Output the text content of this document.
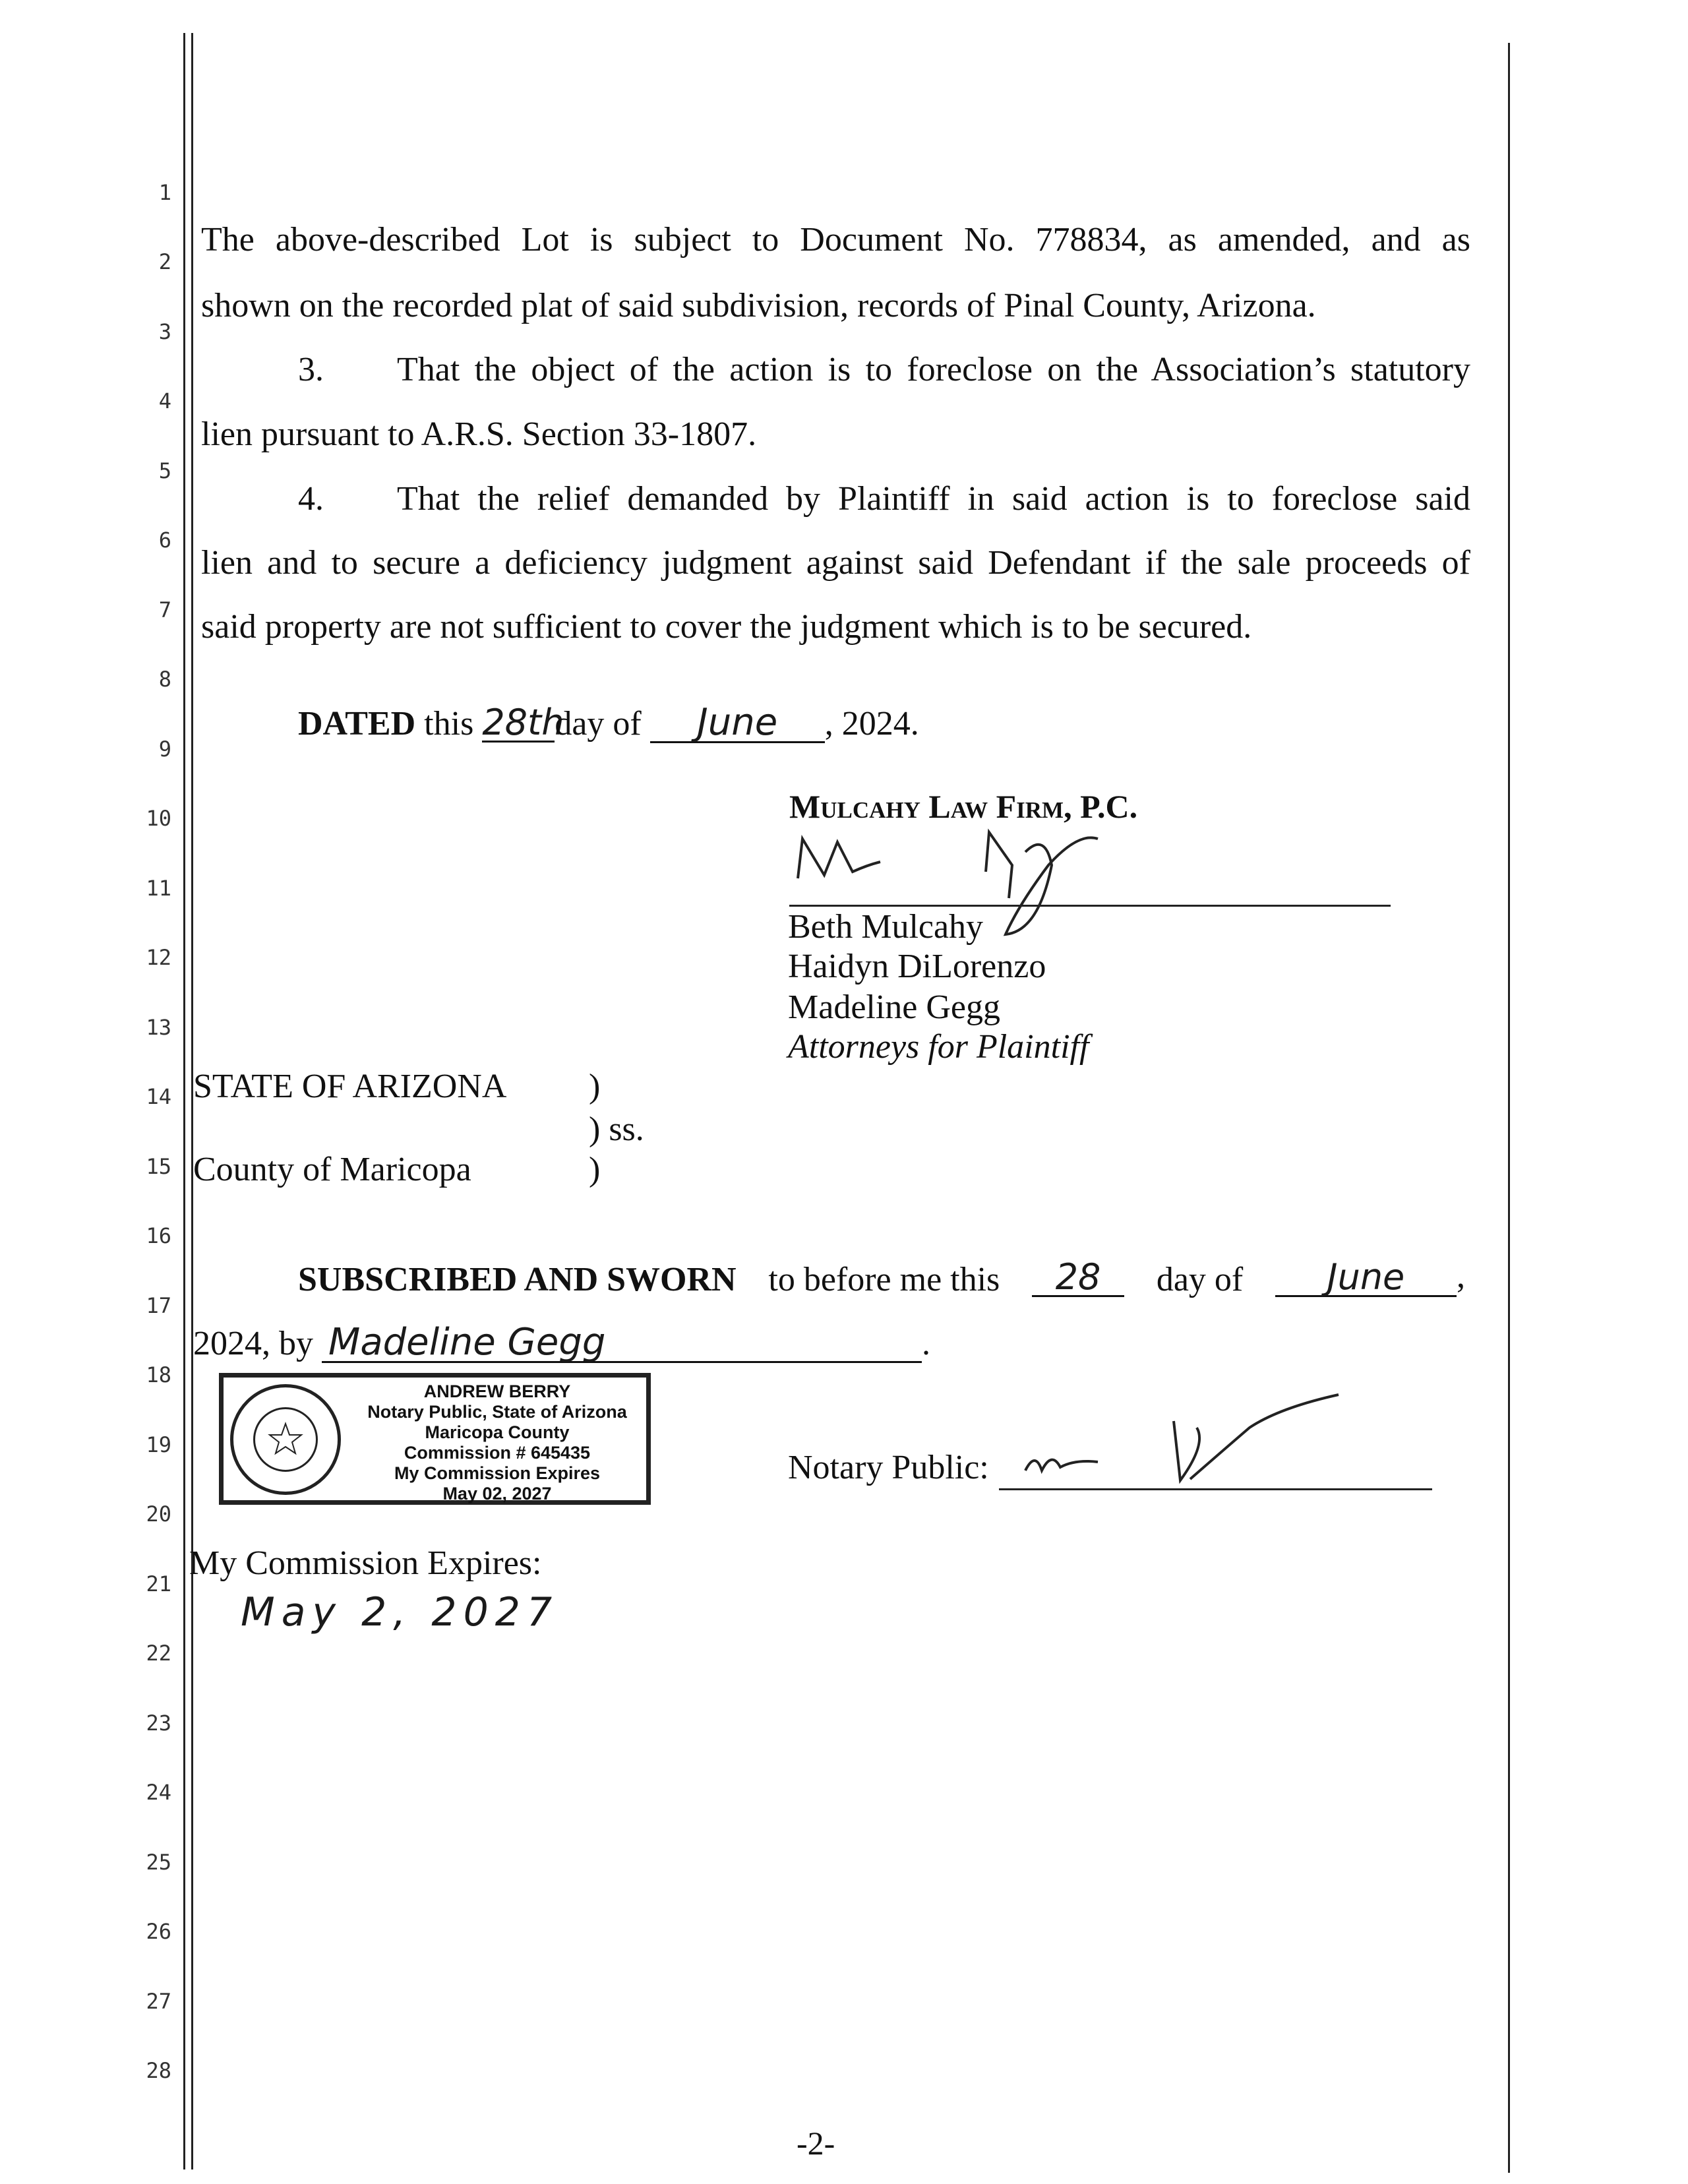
1
2
3
4
5
6
7
8
9
10
11
12
13
14
15
16
17
18
19
20
21
22
23
24
25
26
27
28
The above-described Lot is subject to Document No. 778834, as amended, and as
shown on the recorded plat of said subdivision, records of Pinal County, Arizona.
3. That the object of the action is to foreclose on the Association’s statutory
lien pursuant to A.R.S. Section 33-1807.
4. That the relief demanded by Plaintiff in said action is to foreclose said
lien and to secure a deficiency judgment against said Defendant if the sale proceeds of
said property are not sufficient to cover the judgment which is to be secured.
DATED this 28thday of June , 2024.
Mulcahy Law Firm, P.C.
Beth Mulcahy
Haidyn DiLorenzo
Madeline Gegg
Attorneys for Plaintiff
STATE OF ARIZONA )
) ss.
County of Maricopa	)
SUBSCRIBED AND SWORN to before me this	28	day of	June	,
2024, by Madeline Gegg	.
ANDREW BERRY
Notary Public, State of Arizona
Maricopa County
Commission # 645435
My Commission Expires
May 02, 2027
Notary Public:
My Commission Expires:
May 2, 2027
-2-
